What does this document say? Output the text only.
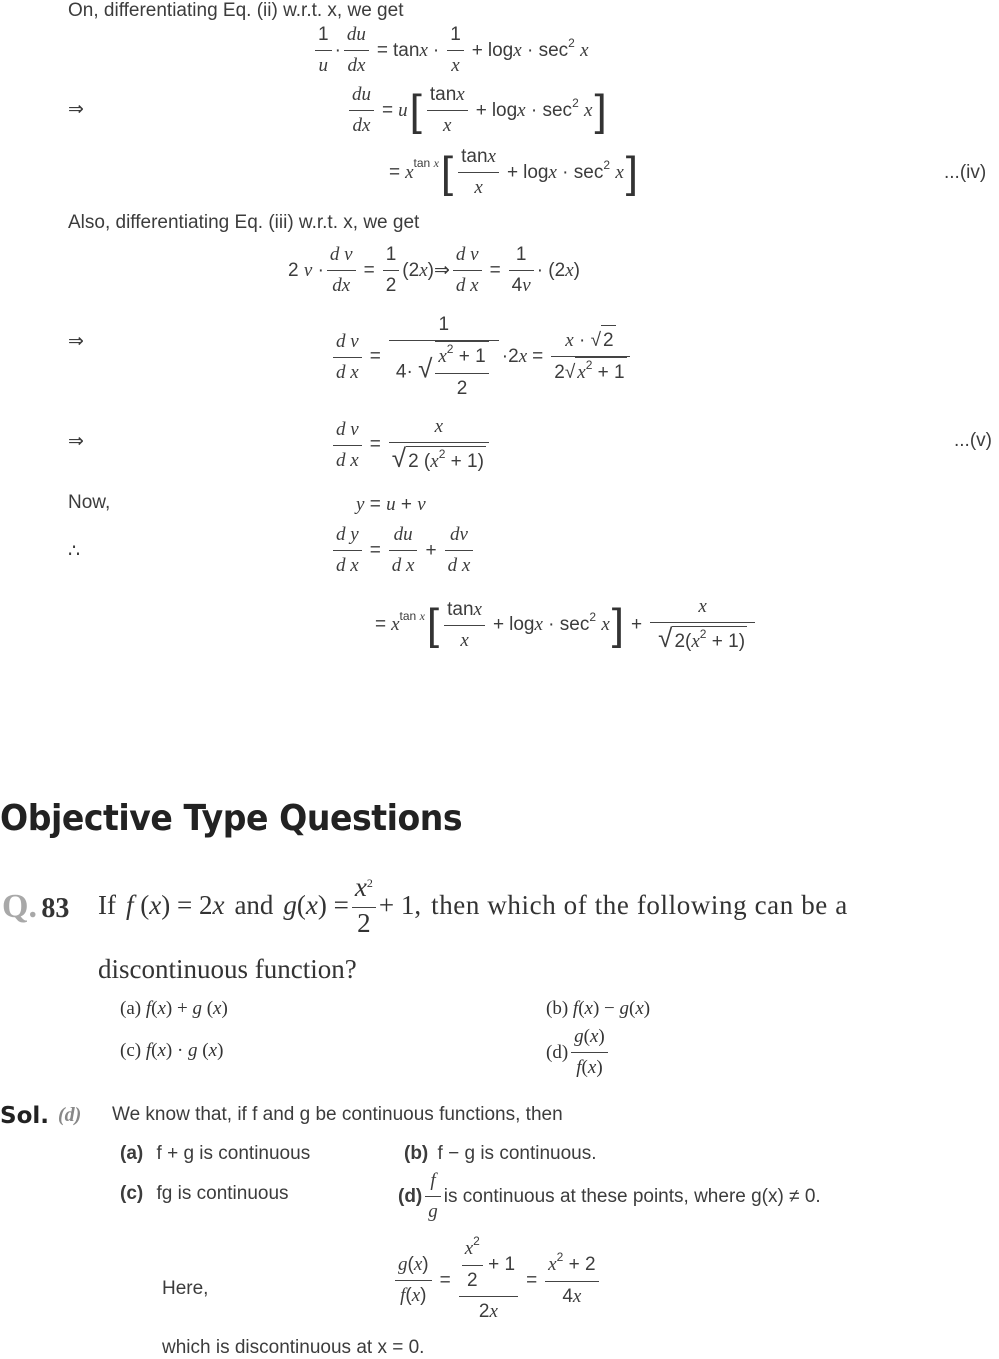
On, differentiating Eq. (ii) w.r.t. x, we get
$\frac{1}{u} \cdot \frac{du}{dx} = \tan x \cdot \frac{1}{x} + \log x \cdot \sec^2 x$
⇒	$\frac{du}{dx} = u$ [ $\frac{\tan x}{x} + \log x \cdot \sec^2 x$ ]
= x tan x [ $\frac{\tan x}{x} + \log x \cdot \sec^2 x$ ]	...(iv)
Also, differentiating Eq. (iii) w.r.t. x, we get
2 $v \cdot \frac{\text{d v}}{dx} = \frac{1}{2}$ (2x)⇒ $\frac{\text{d v}}{\text{d x}} = \frac{1}{4v} \cdot (2x)$
⇒	$\frac{\text{d v}}{\text{d x}} = \frac{1}{4\cdot √ \frac{x^2 + 1}{2}} \cdot 2x = \frac{x \cdot √ 2}{2√ x^2 + 1}$
⇒	$\frac{\text{d v}}{\text{d x}} = \frac{x}{√ 2 (x^2 + 1)}$	...(v)
Now,	y = u + v
∴	$\frac{\text{d y}}{\text{d x}} = \frac{du}{\text{d x}} + \frac{dv}{\text{d x}}$
= x tan x [ $\frac{\tan x}{x} + \log x \cdot \sec^2 x$ ] + $\frac{x}{√ 2(x^2 + 1)}$
Objective Type Questions
Q. 83 If f (x) = 2x and $g(x) = \frac{x^2}{2} + 1$, then which of the following can be a
discontinuous function?
(a) f(x) + g (x)	(b) f(x) − g(x)
(c) f(x) · g (x)	$(d) \frac{g(x)}{f(x)}$
Sol. (d) We know that, if f and g be continuous functions, then
(a) f + g is continuous	(b) f − g is continuous.
(c) fg is continuous	$(d) \frac{f}{g}$ is continuous at these points, where g(x) ≠ 0.
Here,	$\frac{g(x)}{f(x)} = \frac{\frac{x^2}{2} + 1}{2x} = \frac{x^2 + 2}{4x}$
which is discontinuous at x = 0.
